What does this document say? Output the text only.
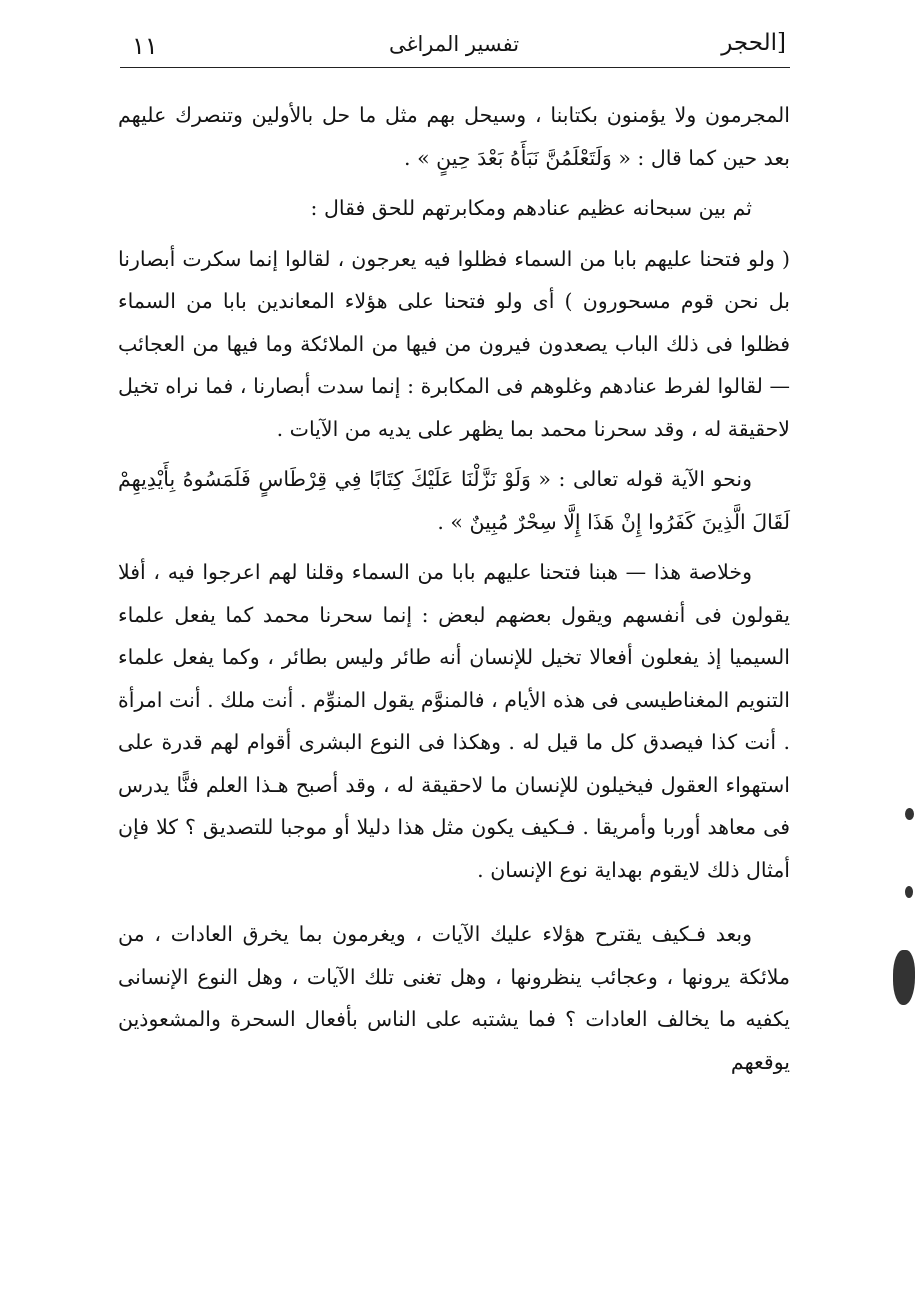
١١	تفسير المراغى	[الحجر

المجرمون ولا يؤمنون بكتابنا ، وسيحل بهم مثل ما حل بالأولين وتنصرك عليهم بعد حين كما قال : « وَلَتَعْلَمُنَّ نَبَأَهُ بَعْدَ حِينٍ » .

ثم بين سبحانه عظيم عنادهم ومكابرتهم للحق فقال :

( ولو فتحنا عليهم بابا من السماء فظلوا فيه يعرجون ، لقالوا إنما سكرت أبصارنا بل نحن قوم مسحورون ) أى ولو فتحنا على هؤلاء المعاندين بابا من السماء فظلوا فى ذلك الباب يصعدون فيرون من فيها من الملائكة وما فيها من العجائب — لقالوا لفرط عنادهم وغلوهم فى المكابرة : إنما سدت أبصارنا ، فما نراه تخيل لاحقيقة له ، وقد سحرنا محمد بما يظهر على يديه من الآيات .

ونحو الآية قوله تعالى : « وَلَوْ نَزَّلْنَا عَلَيْكَ كِتَابًا فِي قِرْطَاسٍ فَلَمَسُوهُ بِأَيْدِيهِمْ لَقَالَ الَّذِينَ كَفَرُوا إِنْ هَذَا إِلَّا سِحْرٌ مُبِينٌ » .

وخلاصة هذا — هبنا فتحنا عليهم بابا من السماء وقلنا لهم اعرجوا فيه ، أفلا يقولون فى أنفسهم ويقول بعضهم لبعض : إنما سحرنا محمد كما يفعل علماء السيميا إذ يفعلون أفعالا تخيل للإنسان أنه طائر وليس بطائر ، وكما يفعل علماء التنويم المغناطيسى فى هذه الأيام ، فالمنوَّم يقول المنوِّم . أنت ملك . أنت امرأة . أنت كذا فيصدق كل ما قيل له . وهكذا فى النوع البشرى أقوام لهم قدرة على استهواء العقول فيخيلون للإنسان ما لاحقيقة له ، وقد أصبح هـذا العلم فنًّا يدرس فى معاهد أوربا وأمريقا . فـكيف يكون مثل هذا دليلا أو موجبا للتصديق ؟ كلا فإن أمثال ذلك لايقوم بهداية نوع الإنسان .

وبعد فـكيف يقترح هؤلاء عليك الآيات ، ويغرمون بما يخرق العادات ، من ملائكة يرونها ، وعجائب ينظرونها ، وهل تغنى تلك الآيات ، وهل النوع الإنسانى يكفيه ما يخالف العادات ؟ فما يشتبه على الناس بأفعال السحرة والمشعوذين يوقعهم
